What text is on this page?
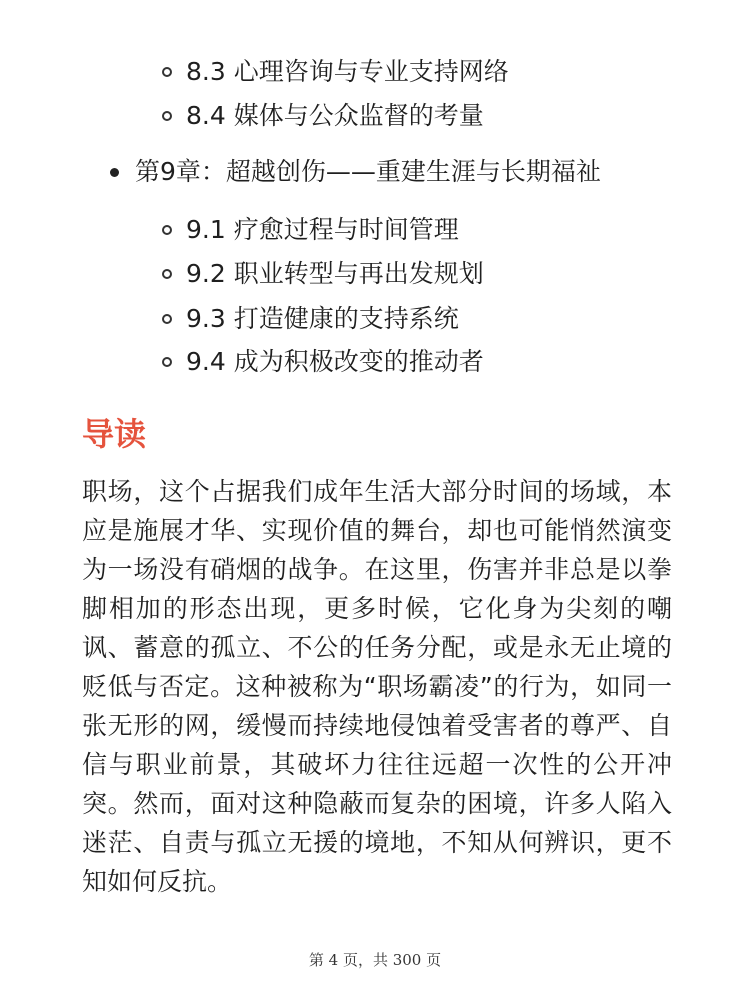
8.3 心理咨询与专业支持网络
8.4 媒体与公众监督的考量
第9章：超越创伤——重建生涯与长期福祉
9.1 疗愈过程与时间管理
9.2 职业转型与再出发规划
9.3 打造健康的支持系统
9.4 成为积极改变的推动者
导读

职场，这个占据我们成年生活大部分时间的场域，本应是施展才华、实现价值的舞台，却也可能悄然演变为一场没有硝烟的战争。在这里，伤害并非总是以拳脚相加的形态出现，更多时候，它化身为尖刻的嘲讽、蓄意的孤立、不公的任务分配，或是永无止境的贬低与否定。这种被称为“职场霸凌”的行为，如同一张无形的网，缓慢而持续地侵蚀着受害者的尊严、自信与职业前景，其破坏力往往远超一次性的公开冲突。然而，面对这种隐蔽而复杂的困境，许多人陷入迷茫、自责与孤立无援的境地，不知从何辨识，更不知如何反抗。

第 4 页，共 300 页
